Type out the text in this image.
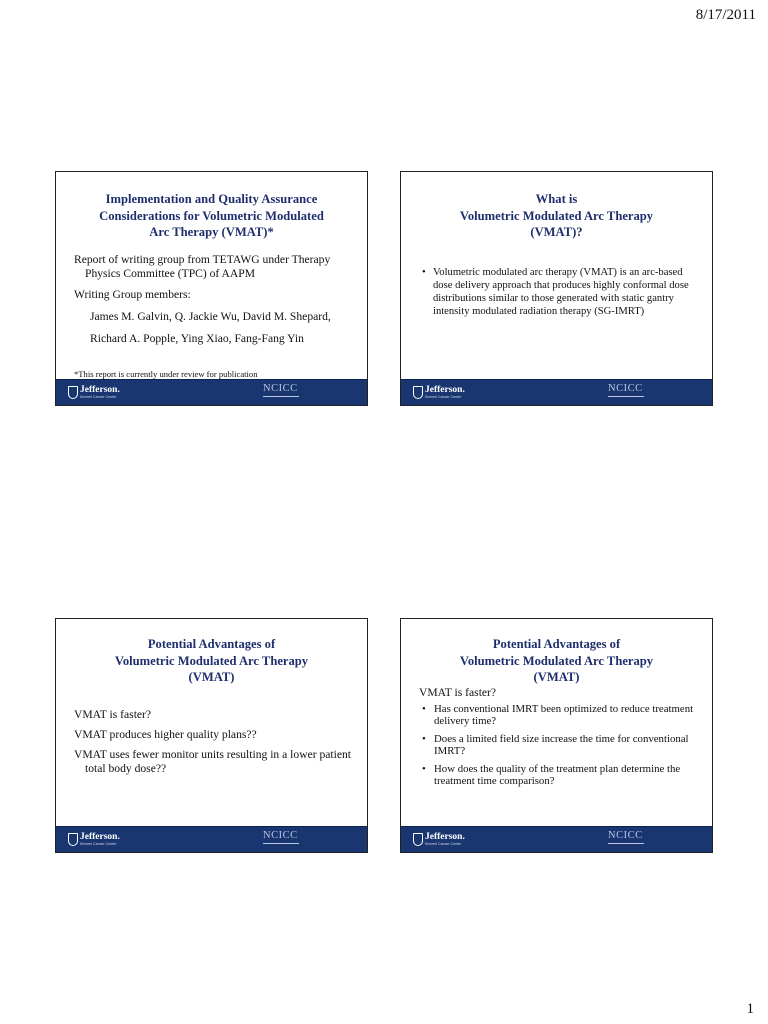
8/17/2011
Implementation and Quality Assurance
Considerations for Volumetric Modulated
Arc Therapy (VMAT)*
Report of writing group from TETAWG under Therapy Physics Committee (TPC) of AAPM
Writing Group members:
James M. Galvin, Q. Jackie Wu, David M. Shepard,
Richard A. Popple, Ying Xiao, Fang-Fang Yin
*This report is currently under review for publication
Jefferson.
Kimmel Cancer Center
NCICC
What is
Volumetric Modulated Arc Therapy
(VMAT)?
• Volumetric modulated arc therapy (VMAT) is an arc-based dose delivery approach that produces highly conformal dose distributions similar to those generated with static gantry intensity modulated radiation therapy (SG-IMRT)
Jefferson.
Kimmel Cancer Center
NCICC
Potential Advantages of
Volumetric Modulated Arc Therapy
(VMAT)
VMAT is faster?
VMAT produces higher quality plans??
VMAT uses fewer monitor units resulting in a lower patient total body dose??
Jefferson.
Kimmel Cancer Center
NCICC
Potential Advantages of
Volumetric Modulated Arc Therapy
(VMAT)
VMAT is faster?
• Has conventional IMRT been optimized to reduce treatment delivery time?
• Does a limited field size increase the time for conventional IMRT?
• How does the quality of the treatment plan determine the treatment time comparison?
Jefferson.
Kimmel Cancer Center
NCICC
1
